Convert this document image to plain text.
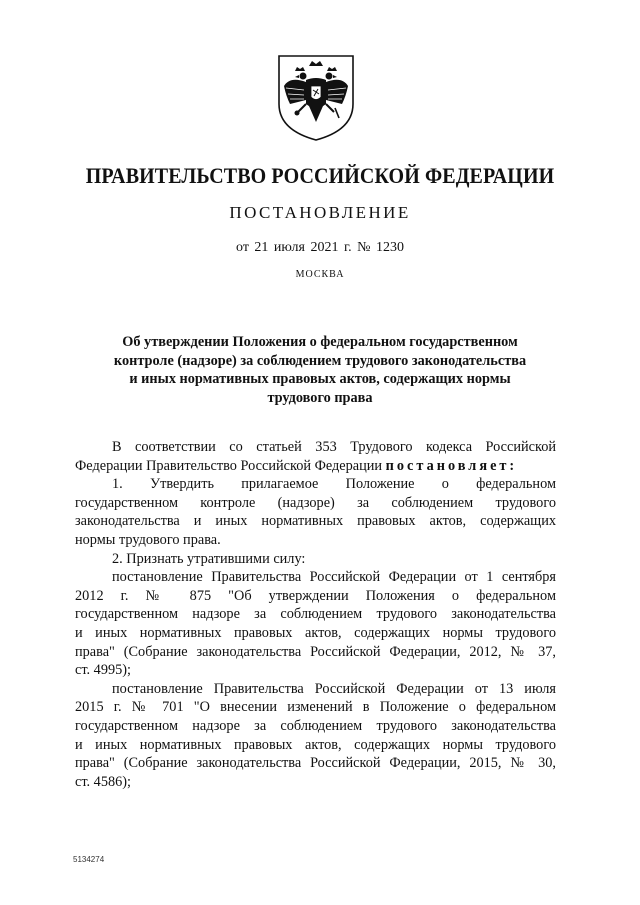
ПРАВИТЕЛЬСТВО РОССИЙСКОЙ ФЕДЕРАЦИИ
ПОСТАНОВЛЕНИЕ
от 21 июля 2021 г. № 1230
МОСКВА
Об утверждении Положения о федеральном государственном
контроле (надзоре) за соблюдением трудового законодательства
и иных нормативных правовых актов, содержащих нормы
трудового права
В соответствии со статьей 353 Трудового кодекса Российской
Федерации Правительство Российской Федерации постановляет:
1. Утвердить прилагаемое Положение о федеральном
государственном контроле (надзоре) за соблюдением трудового
законодательства и иных нормативных правовых актов, содержащих
нормы трудового права.
2. Признать утратившими силу:
постановление Правительства Российской Федерации от 1 сентября
2012 г. № 875 "Об утверждении Положения о федеральном
государственном надзоре за соблюдением трудового законодательства
и иных нормативных правовых актов, содержащих нормы трудового
права" (Собрание законодательства Российской Федерации, 2012, № 37,
ст. 4995);
постановление Правительства Российской Федерации от 13 июля
2015 г. № 701 "О внесении изменений в Положение о федеральном
государственном надзоре за соблюдением трудового законодательства
и иных нормативных правовых актов, содержащих нормы трудового
права" (Собрание законодательства Российской Федерации, 2015, № 30,
ст. 4586);
5134274
